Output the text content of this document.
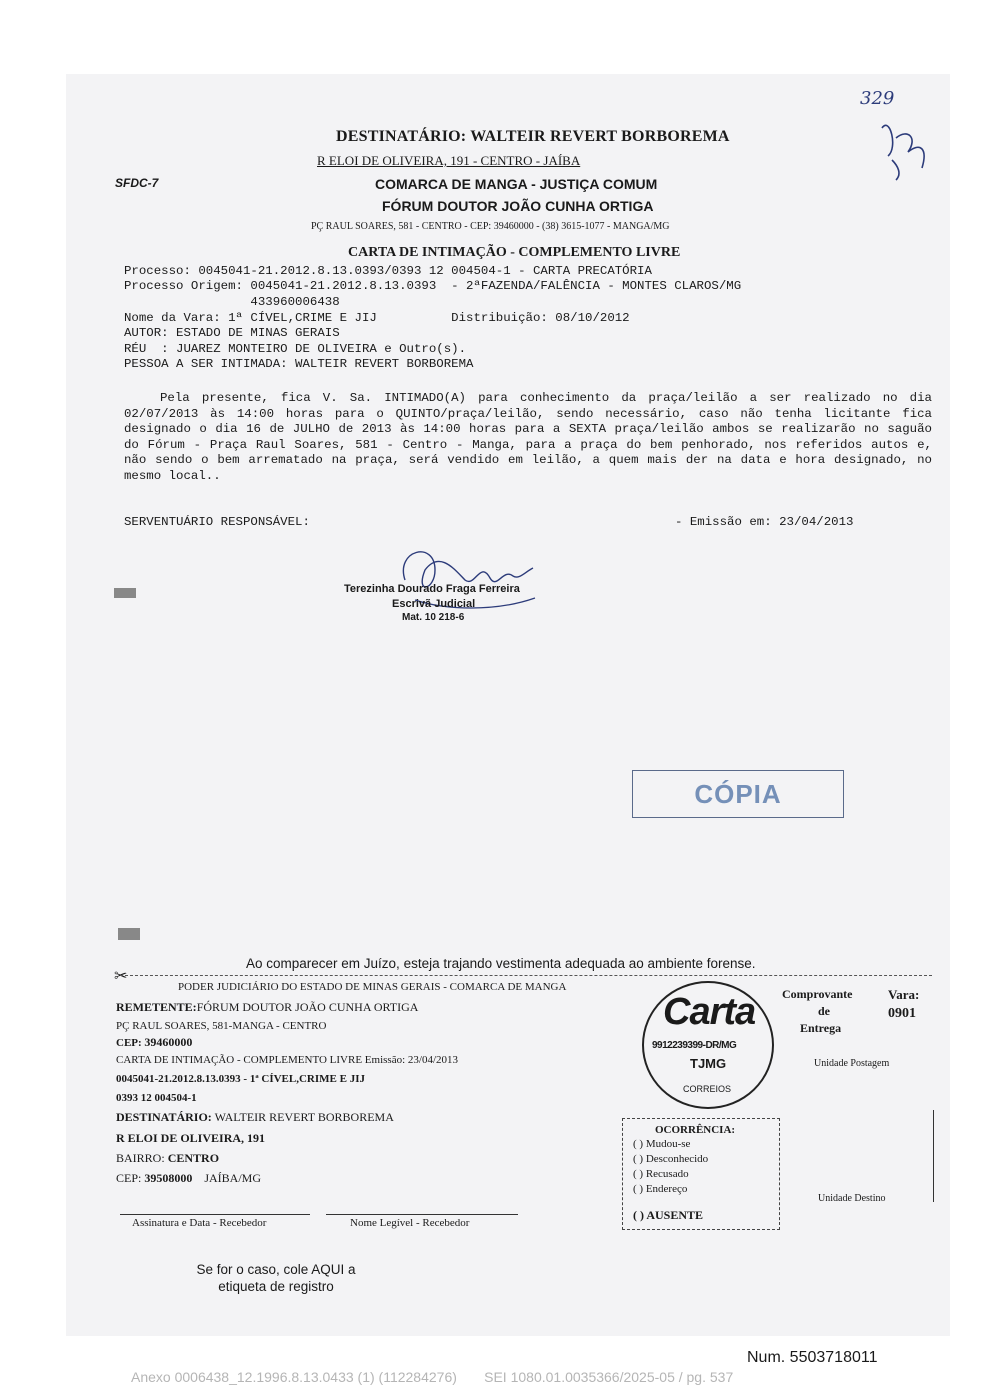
DESTINATÁRIO: WALTEIR REVERT BORBOREMA
R ELOI DE OLIVEIRA, 191 - CENTRO - JAÍBA
SFDC-7	COMARCA DE MANGA - JUSTIÇA COMUM
FÓRUM DOUTOR JOÃO CUNHA ORTIGA
PÇ RAUL SOARES, 581 - CENTRO - CEP: 39460000 - (38) 3615-1077 - MANGA/MG
329
CARTA DE INTIMAÇÃO - COMPLEMENTO LIVRE
Processo: 0045041-21.2012.8.13.0393/0393 12 004504-1 - CARTA PRECATÓRIA
Processo Origem: 0045041-21.2012.8.13.0393  - 2ªFAZENDA/FALÊNCIA - MONTES CLAROS/MG
433960006438
Nome da Vara: 1ª CÍVEL,CRIME E JIJ          Distribuição: 08/10/2012
AUTOR: ESTADO DE MINAS GERAIS
RÉU  : JUAREZ MONTEIRO DE OLIVEIRA e Outro(s).
PESSOA A SER INTIMADA: WALTEIR REVERT BORBOREMA

Pela presente, fica V. Sa. INTIMADO(A) para conhecimento da praça/leilão a ser realizado no dia 02/07/2013 às 14:00 horas para o QUINTO/praça/leilão, sendo necessário, caso não tenha licitante fica designado o dia 16 de JULHO de 2013 às 14:00 horas para a SEXTA praça/leilão ambos se realizarão no saguão do Fórum - Praça Raul Soares, 581 - Centro - Manga, para a praça do bem penhorado, nos referidos autos e, não sendo o bem arrematado na praça, será vendido em leilão, a quem mais der na data e hora designado, no mesmo local..

SERVENTUÁRIO RESPONSÁVEL:	- Emissão em: 23/04/2013
Terezinha Dourado Fraga Ferreira
Escrivã Judicial
Mat. 10 218-6
CÓPIA
Ao comparecer em Juízo, esteja trajando vestimenta adequada ao ambiente forense.
✂
PODER JUDICIÁRIO DO ESTADO DE MINAS GERAIS - COMARCA DE MANGA
REMETENTE:FÓRUM DOUTOR JOÃO CUNHA ORTIGA
PÇ RAUL SOARES, 581-MANGA - CENTRO
CEP: 39460000
CARTA DE INTIMAÇÃO - COMPLEMENTO LIVRE Emissão: 23/04/2013
0045041-21.2012.8.13.0393 - 1ª CÍVEL,CRIME E JIJ
0393 12 004504-1
DESTINATÁRIO: WALTEIR REVERT BORBOREMA
R ELOI DE OLIVEIRA, 191
BAIRRO: CENTRO
CEP: 39508000 JAÍBA/MG
Assinatura e Data - Recebedor	Nome Legível - Recebedor
Carta
9912239399-DR/MG
TJMG
CORREIOS
Comprovante
de
Entrega
Vara:
0901
Unidade Postagem
Unidade Destino
OCORRÊNCIA:
( ) Mudou-se
( ) Desconhecido
( ) Recusado
( ) Endereço
( ) AUSENTE
Se for o caso, cole AQUI a etiqueta de registro
Num. 5503718011
Anexo 0006438_12.1996.8.13.0433 (1) (112284276)       SEI 1080.01.0035366/2025-05 / pg. 537
